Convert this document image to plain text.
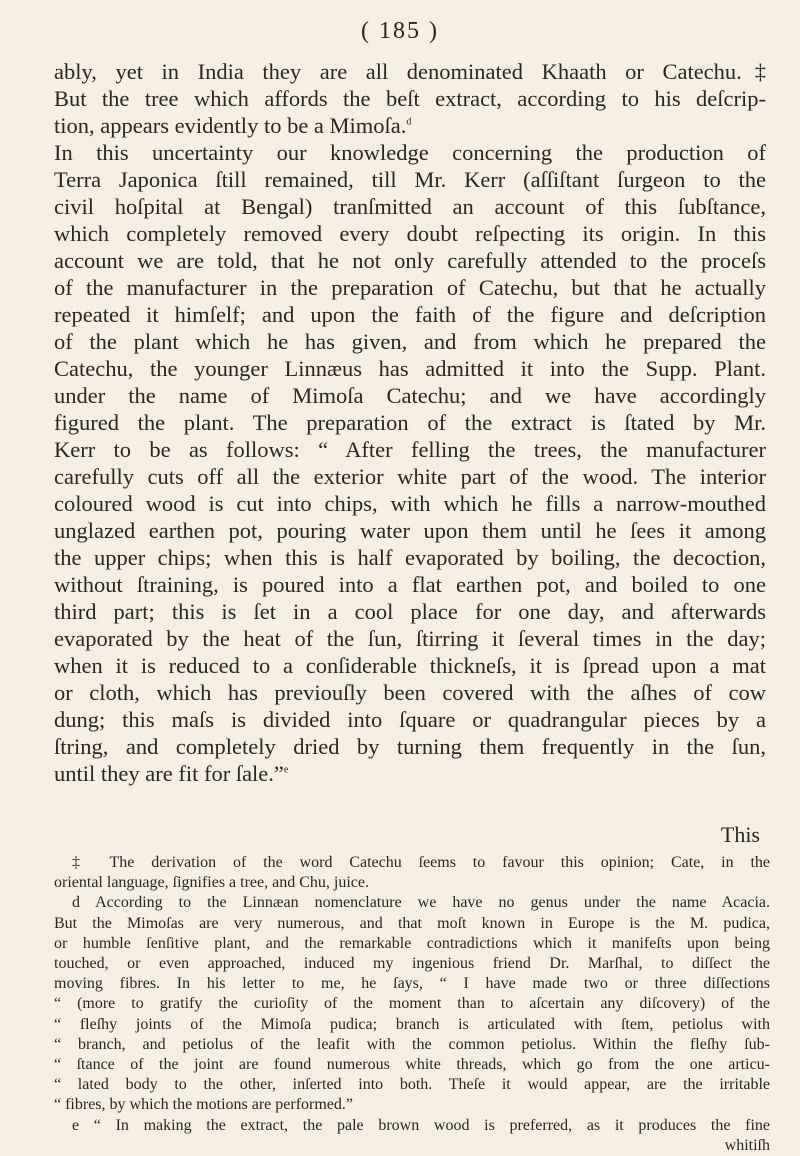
( 185 )
ably, yet in India they are all denominated Khaath or Catechu.‡
But the tree which affords the beſt extract, according to his deſcrip-
tion, appears evidently to be a Mimoſa.$^d$
In this uncertainty our knowledge concerning the production of
Terra Japonica ſtill remained, till Mr. Kerr (aſſiſtant ſurgeon to the
civil hoſpital at Bengal) tranſmitted an account of this ſubſtance,
which completely removed every doubt reſpecting its origin. In this
account we are told, that he not only carefully attended to the proceſs
of the manufacturer in the preparation of Catechu, but that he actually
repeated it himſelf; and upon the faith of the figure and deſcription
of the plant which he has given, and from which he prepared the
Catechu, the younger Linnæus has admitted it into the Supp. Plant.
under the name of Mimoſa Catechu; and we have accordingly
figured the plant. The preparation of the extract is ſtated by Mr.
Kerr to be as follows: “ After felling the trees, the manufacturer
carefully cuts off all the exterior white part of the wood. The interior
coloured wood is cut into chips, with which he fills a narrow-mouthed
unglazed earthen pot, pouring water upon them until he ſees it among
the upper chips; when this is half evaporated by boiling, the decoction,
without ſtraining, is poured into a flat earthen pot, and boiled to one
third part; this is ſet in a cool place for one day, and afterwards
evaporated by the heat of the ſun, ſtirring it ſeveral times in the day;
when it is reduced to a conſiderable thickneſs, it is ſpread upon a mat
or cloth, which has previouſly been covered with the aſhes of cow
dung; this maſs is divided into ſquare or quadrangular pieces by a
ſtring, and completely dried by turning them frequently in the ſun,
until they are fit for ſale.”$^e$
This
‡ The derivation of the word Catechu ſeems to favour this opinion; Cate, in the
oriental language, ſignifies a tree, and Chu, juice.
d According to the Linnæan nomenclature we have no genus under the name Acacia.
But the Mimoſas are very numerous, and that moſt known in Europe is the M. pudica,
or humble ſenſitive plant, and the remarkable contradictions which it manifeſts upon being
touched, or even approached, induced my ingenious friend Dr. Marſhal, to diſſect the
moving fibres. In his letter to me, he ſays, “ I have made two or three diſſections
“ (more to gratify the curioſity of the moment than to aſcertain any diſcovery) of the
“ fleſhy joints of the Mimoſa pudica; branch is articulated with ſtem, petiolus with
“ branch, and petiolus of the leafit with the common petiolus. Within the fleſhy ſub-
“ ſtance of the joint are found numerous white threads, which go from the one articu-
“ lated body to the other, inſerted into both. Theſe it would appear, are the irritable
“ fibres, by which the motions are performed.”
e “ In making the extract, the pale brown wood is preferred, as it produces the fine
whitiſh
